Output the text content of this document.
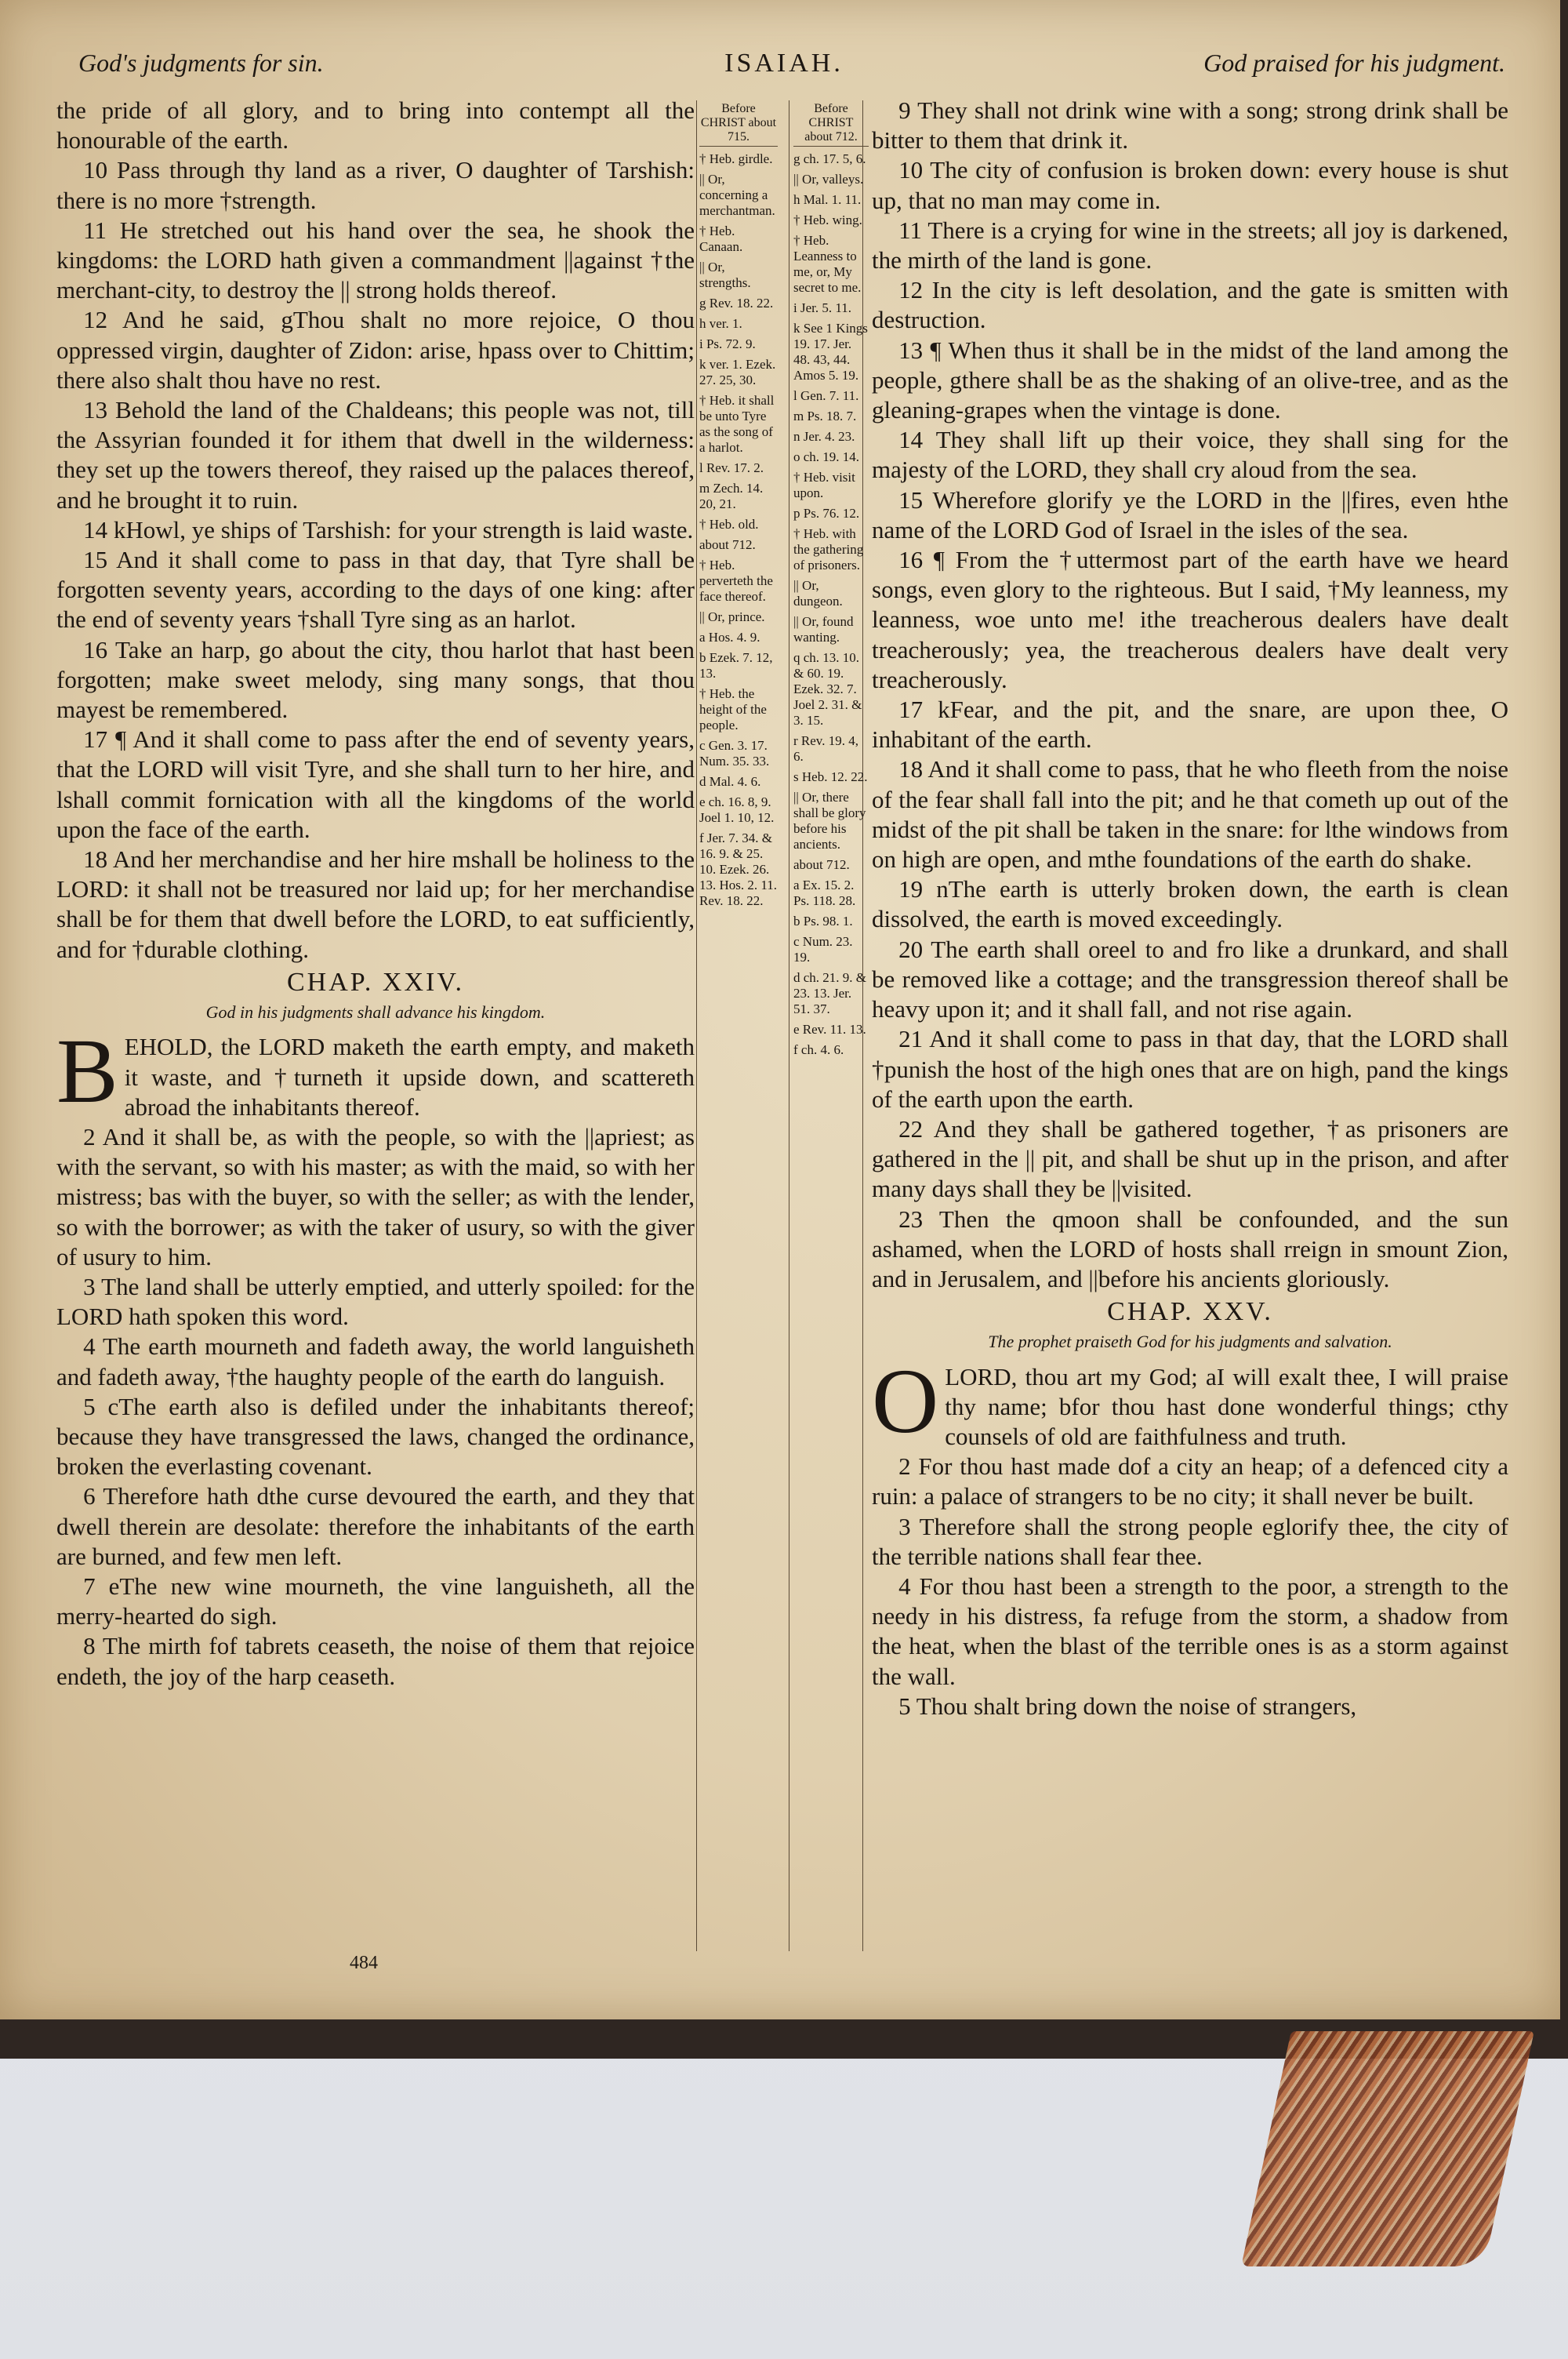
God's judgments for sin.	ISAIAH.	God praised for his judgment.

the pride of all glory, and to bring into contempt all the honourable of the earth.

10 Pass through thy land as a river, O daughter of Tarshish: there is no more †strength.

11 He stretched out his hand over the sea, he shook the kingdoms: the LORD hath given a commandment ||against †the merchant-city, to destroy the || strong holds thereof.

12 And he said, gThou shalt no more rejoice, O thou oppressed virgin, daughter of Zidon: arise, hpass over to Chittim; there also shalt thou have no rest.

13 Behold the land of the Chaldeans; this people was not, till the Assyrian founded it for ithem that dwell in the wilderness: they set up the towers thereof, they raised up the palaces thereof, and he brought it to ruin.

14 kHowl, ye ships of Tarshish: for your strength is laid waste.

15 And it shall come to pass in that day, that Tyre shall be forgotten seventy years, according to the days of one king: after the end of seventy years †shall Tyre sing as an harlot.

16 Take an harp, go about the city, thou harlot that hast been forgotten; make sweet melody, sing many songs, that thou mayest be remembered.

17 ¶ And it shall come to pass after the end of seventy years, that the LORD will visit Tyre, and she shall turn to her hire, and lshall commit fornication with all the kingdoms of the world upon the face of the earth.

18 And her merchandise and her hire mshall be holiness to the LORD: it shall not be treasured nor laid up; for her merchandise shall be for them that dwell before the LORD, to eat sufficiently, and for †durable clothing.

CHAP. XXIV.
God in his judgments shall advance his kingdom.

BEHOLD, the LORD maketh the earth empty, and maketh it waste, and †turneth it upside down, and scattereth abroad the inhabitants thereof.

2 And it shall be, as with the people, so with the ||apriest; as with the servant, so with his master; as with the maid, so with her mistress; bas with the buyer, so with the seller; as with the lender, so with the borrower; as with the taker of usury, so with the giver of usury to him.

3 The land shall be utterly emptied, and utterly spoiled: for the LORD hath spoken this word.

4 The earth mourneth and fadeth away, the world languisheth and fadeth away, †the haughty people of the earth do languish.

5 cThe earth also is defiled under the inhabitants thereof; because they have transgressed the laws, changed the ordinance, broken the everlasting covenant.

6 Therefore hath dthe curse devoured the earth, and they that dwell therein are desolate: therefore the inhabitants of the earth are burned, and few men left.

7 eThe new wine mourneth, the vine languisheth, all the merry-hearted do sigh.

8 The mirth fof tabrets ceaseth, the noise of them that rejoice endeth, the joy of the harp ceaseth.

Before CHRIST about 715.
† Heb. girdle.
|| Or, concerning a merchantman.
† Heb. Canaan.
|| Or, strengths.
g Rev. 18. 22.
h ver. 1.
i Ps. 72. 9.
k ver. 1. Ezek. 27. 25, 30.
† Heb. it shall be unto Tyre as the song of a harlot.
l Rev. 17. 2.
m Zech. 14. 20, 21.
† Heb. old.
about 712.
† Heb. perverteth the face thereof.
|| Or, prince.
a Hos. 4. 9.
b Ezek. 7. 12, 13.
† Heb. the height of the people.
c Gen. 3. 17. Num. 35. 33.
d Mal. 4. 6.
e ch. 16. 8, 9. Joel 1. 10, 12.
f Jer. 7. 34. & 16. 9. & 25. 10. Ezek. 26. 13. Hos. 2. 11. Rev. 18. 22.
Before CHRIST about 712.
g ch. 17. 5, 6.
|| Or, valleys.
h Mal. 1. 11.
† Heb. wing.
† Heb. Leanness to me, or, My secret to me.
i Jer. 5. 11.
k See 1 Kings 19. 17. Jer. 48. 43, 44. Amos 5. 19.
l Gen. 7. 11.
m Ps. 18. 7.
n Jer. 4. 23.
o ch. 19. 14.
† Heb. visit upon.
p Ps. 76. 12.
† Heb. with the gathering of prisoners.
|| Or, dungeon.
|| Or, found wanting.
q ch. 13. 10. & 60. 19. Ezek. 32. 7. Joel 2. 31. & 3. 15.
r Rev. 19. 4, 6.
s Heb. 12. 22.
|| Or, there shall be glory before his ancients.
about 712.
a Ex. 15. 2. Ps. 118. 28.
b Ps. 98. 1.
c Num. 23. 19.
d ch. 21. 9. & 23. 13. Jer. 51. 37.
e Rev. 11. 13.
f ch. 4. 6.

9 They shall not drink wine with a song; strong drink shall be bitter to them that drink it.

10 The city of confusion is broken down: every house is shut up, that no man may come in.

11 There is a crying for wine in the streets; all joy is darkened, the mirth of the land is gone.

12 In the city is left desolation, and the gate is smitten with destruction.

13 ¶ When thus it shall be in the midst of the land among the people, gthere shall be as the shaking of an olive-tree, and as the gleaning-grapes when the vintage is done.

14 They shall lift up their voice, they shall sing for the majesty of the LORD, they shall cry aloud from the sea.

15 Wherefore glorify ye the LORD in the ||fires, even hthe name of the LORD God of Israel in the isles of the sea.

16 ¶ From the †uttermost part of the earth have we heard songs, even glory to the righteous. But I said, †My leanness, my leanness, woe unto me! ithe treacherous dealers have dealt treacherously; yea, the treacherous dealers have dealt very treacherously.

17 kFear, and the pit, and the snare, are upon thee, O inhabitant of the earth.

18 And it shall come to pass, that he who fleeth from the noise of the fear shall fall into the pit; and he that cometh up out of the midst of the pit shall be taken in the snare: for lthe windows from on high are open, and mthe foundations of the earth do shake.

19 nThe earth is utterly broken down, the earth is clean dissolved, the earth is moved exceedingly.

20 The earth shall oreel to and fro like a drunkard, and shall be removed like a cottage; and the transgression thereof shall be heavy upon it; and it shall fall, and not rise again.

21 And it shall come to pass in that day, that the LORD shall †punish the host of the high ones that are on high, pand the kings of the earth upon the earth.

22 And they shall be gathered together, †as prisoners are gathered in the || pit, and shall be shut up in the prison, and after many days shall they be ||visited.

23 Then the qmoon shall be confounded, and the sun ashamed, when the LORD of hosts shall rreign in smount Zion, and in Jerusalem, and ||before his ancients gloriously.

CHAP. XXV.
The prophet praiseth God for his judgments and salvation.

OLORD, thou art my God; aI will exalt thee, I will praise thy name; bfor thou hast done wonderful things; cthy counsels of old are faithfulness and truth.

2 For thou hast made dof a city an heap; of a defenced city a ruin: a palace of strangers to be no city; it shall never be built.

3 Therefore shall the strong people eglorify thee, the city of the terrible nations shall fear thee.

4 For thou hast been a strength to the poor, a strength to the needy in his distress, fa refuge from the storm, a shadow from the heat, when the blast of the terrible ones is as a storm against the wall.

5 Thou shalt bring down the noise of strangers,

484
